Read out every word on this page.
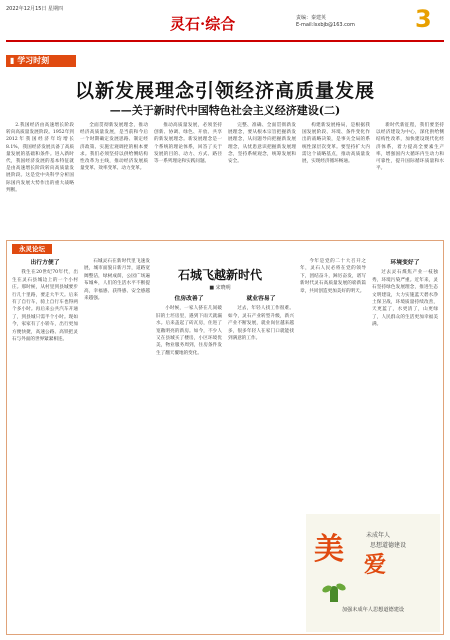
2022年12月15日 星期四
灵石·综合	责编：秦建英
E-mail:lsxbjb@163.com	3
▮ 学习时刻
以新发展理念引领经济高质量发展
——关于新时代中国特色社会主义经济建设(二)

2.我国经济由高速增长阶段转向高质量发展阶段。1952年到2012年我国经济年均增长8.1%，我国经济发展具备了高质量发展的基础和条件。进入新时代，我国经济发展的基本特征就是由高速增长阶段转向高质量发展阶段。这是党中央科学分析国际国内发展大势作出的重大战略判断。

全面贯彻新发展理念，推动经济高质量发展，是当前和今后一个时期确定发展思路、制定经济政策、实施宏观调控的根本要求。我们必须坚持以供给侧结构性改革为主线，推动经济发展质量变革、效率变革、动力变革。

推动高质量发展，必须坚持创新、协调、绿色、开放、共享的新发展理念。新发展理念是一个系统的理论体系，回答了关于发展的目的、动力、方式、路径等一系列理论和实践问题。

完整、准确、全面贯彻新发展理念，要从根本宗旨把握新发展理念，从问题导向把握新发展理念，从忧患意识把握新发展理念，坚持系统观念，统筹发展和安全。

构建新发展格局，是根据我国发展阶段、环境、条件变化作出的战略决策，是事关全局的系统性深层次变革。要坚持扩大内需这个战略基点，推动高质量发展，实现经济循环畅通。

新时代新征程，我们要坚持以经济建设为中心，深化供给侧结构性改革，加快建设现代化经济体系，着力提高全要素生产率，增强国内大循环内生动力和可靠性，提升国际循环质量和水平。

永灵论坛
出行方便了

我生在20世纪70年代，出生在灵石县城边上的一个小村庄。那时候，从村里到县城要步行几十里路，要走大半天。后来有了自行车，骑上自行车也得两个多小时。再后来公共汽车开通了，到县城只需半个小时。现如今，家家有了小轿车，出行更加方便快捷，高速公路、高铁把灵石与外面的世界紧紧相连。

石城灵石在新时代里飞速发展，城市面貌日新月异，道路宽阔整洁，绿树成荫，公园广场遍布城乡，人们的生活水平不断提高，幸福感、获得感、安全感越来越强。

石城飞越新时代
■ 宋晓明
住房改善了

小时候，一家人挤在几间破旧的土坯房里，遇到下雨天就漏水。后来盖起了砖瓦房，住进了宽敞明亮的新房。如今，不少人又在县城买了楼房，小区环境优美，物业服务周到，住房条件发生了翻天覆地的变化。

就业容易了

过去，年轻人找工作很难。如今，灵石产业转型升级，新兴产业不断发展，就业岗位越来越多，很多年轻人在家门口就能找到满意的工作。

今年是党的二十大召开之年，灵石人民必将在党的领导下，团结奋斗，踔厉奋发，谱写新时代灵石高质量发展的崭新篇章，共同创造更加美好的明天。

环境变好了

过去灵石煤焦产业一枝独秀，环境污染严重。近年来，灵石坚持绿色发展理念，推进生态文明建设，大力实施蓝天碧水净土保卫战，环境质量持续改善，天更蓝了，水更清了，山更绿了，人民群众的生活更加幸福美满。

美 爱
未成年人
思想道德建设
加强未成年人思想道德建设
